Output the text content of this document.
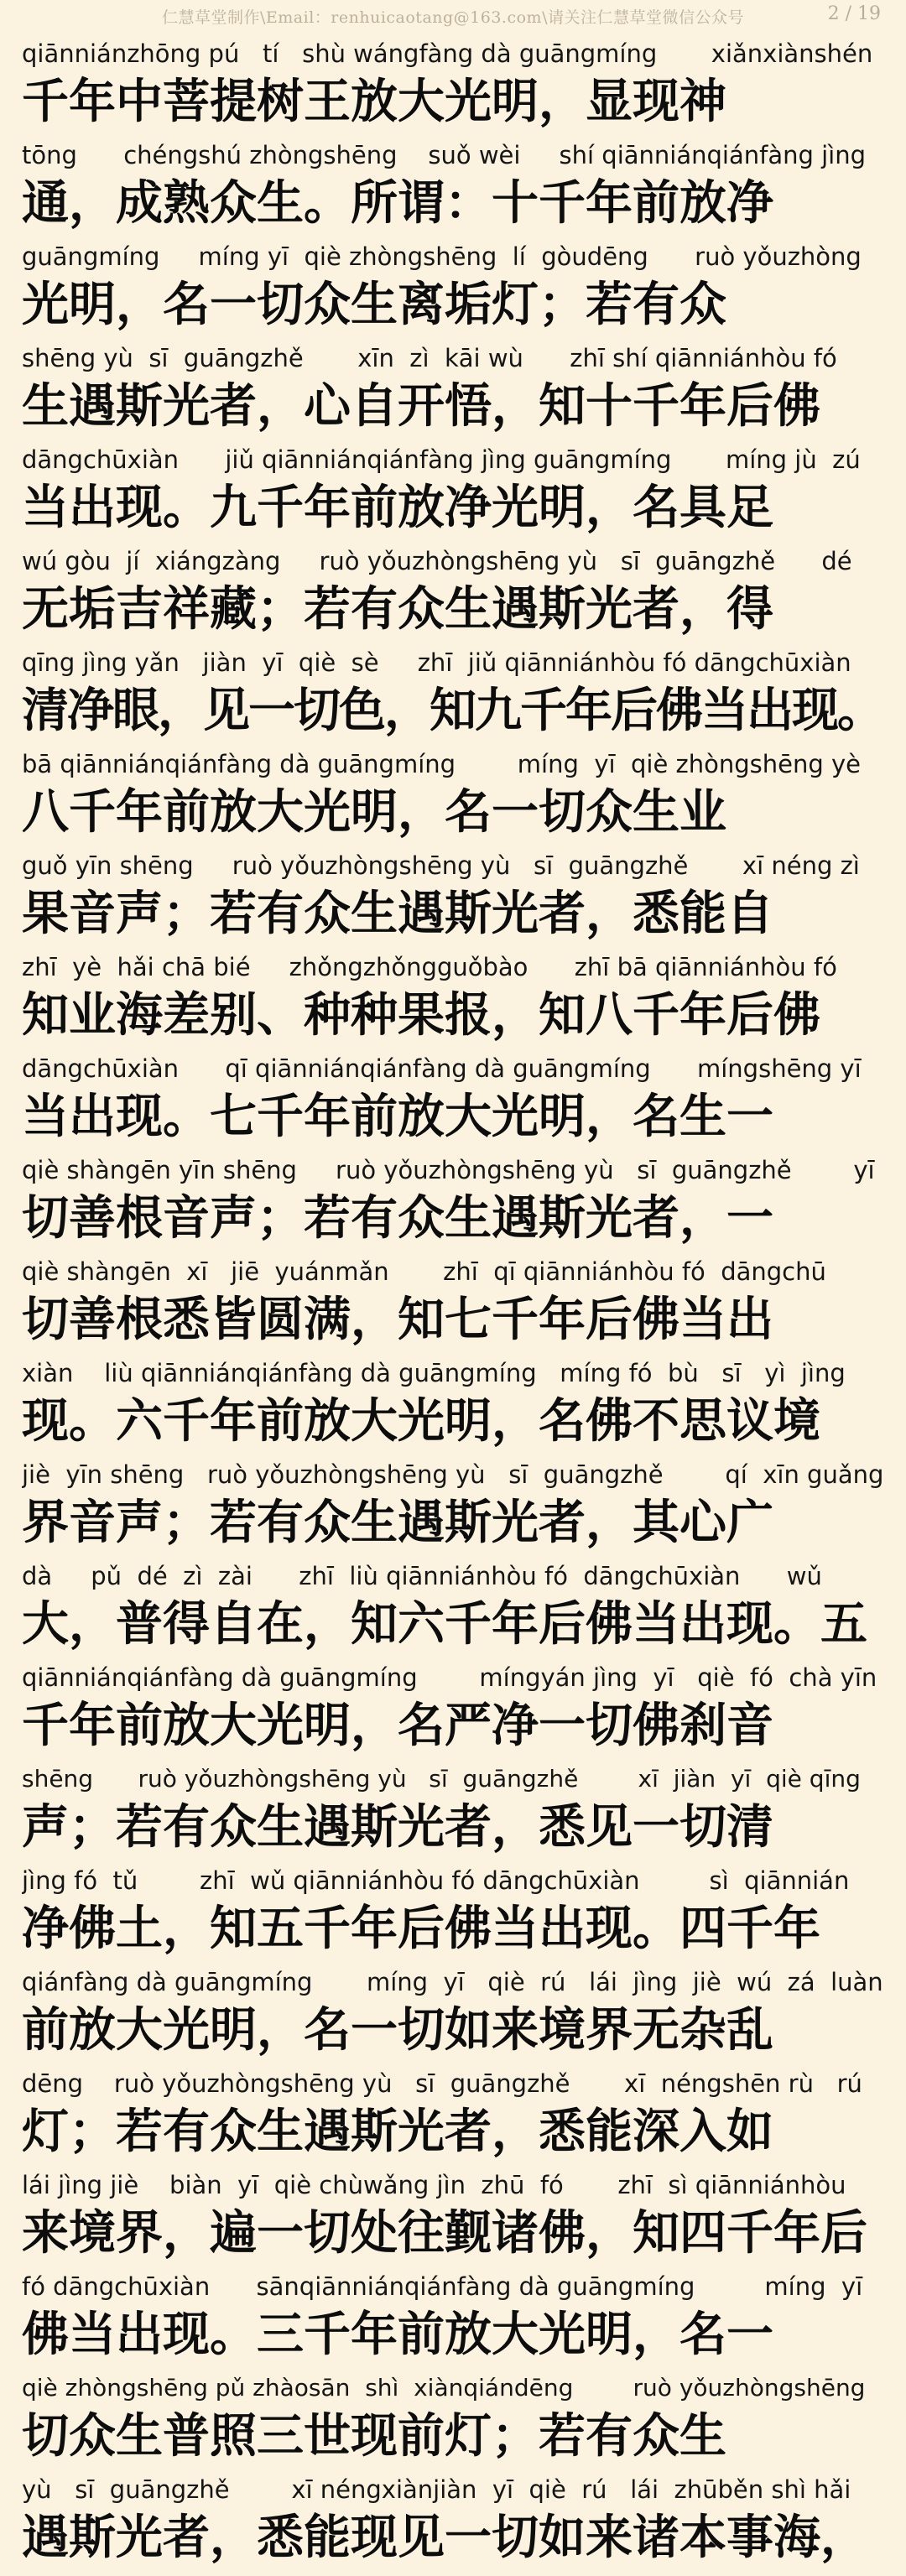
仁慧草堂制作\Email：renhuicaotang@163.com\请关注仁慧草堂微信公众号	2 / 19
qiānniánzhōng pú   tí   shù wángfàng dà guāngmíng       xiǎnxiànshén
千年中菩提树王放大光明，显现神
tōng      chéngshú zhòngshēng    suǒ wèi     shí qiānniánqiánfàng jìng
通，成熟众生。所谓：十千年前放净
guāngmíng     míng yī  qiè zhòngshēng  lí  gòudēng      ruò yǒuzhòng
光明，名一切众生离垢灯；若有众
shēng yù  sī  guāngzhě       xīn  zì  kāi wù      zhī shí qiānniánhòu fó
生遇斯光者，心自开悟，知十千年后佛
dāngchūxiàn      jiǔ qiānniánqiánfàng jìng guāngmíng       míng jù  zú
当出现。九千年前放净光明，名具足
wú gòu  jí  xiángzàng     ruò yǒuzhòngshēng yù   sī  guāngzhě      dé
无垢吉祥藏；若有众生遇斯光者，得
qīng jìng yǎn   jiàn  yī  qiè  sè     zhī  jiǔ qiānniánhòu fó dāngchūxiàn
清净眼，见一切色，知九千年后佛当出现。
bā qiānniánqiánfàng dà guāngmíng        míng  yī  qiè zhòngshēng yè
八千年前放大光明，名一切众生业
guǒ yīn shēng     ruò yǒuzhòngshēng yù   sī  guāngzhě       xī néng zì
果音声；若有众生遇斯光者，悉能自
zhī  yè  hǎi chā bié     zhǒngzhǒngguǒbào      zhī bā qiānniánhòu fó
知业海差别、种种果报，知八千年后佛
dāngchūxiàn      qī qiānniánqiánfàng dà guāngmíng      míngshēng yī
当出现。七千年前放大光明，名生一
qiè shàngēn yīn shēng     ruò yǒuzhòngshēng yù   sī  guāngzhě        yī
切善根音声；若有众生遇斯光者，一
qiè shàngēn  xī   jiē  yuánmǎn       zhī  qī qiānniánhòu fó  dāngchū
切善根悉皆圆满，知七千年后佛当出
xiàn    liù qiānniánqiánfàng dà guāngmíng   míng fó  bù   sī   yì  jìng
现。六千年前放大光明，名佛不思议境
jiè  yīn shēng   ruò yǒuzhòngshēng yù   sī  guāngzhě        qí  xīn guǎng
界音声；若有众生遇斯光者，其心广
dà     pǔ  dé  zì  zài      zhī  liù qiānniánhòu fó  dāngchūxiàn      wǔ
大，普得自在，知六千年后佛当出现。五
qiānniánqiánfàng dà guāngmíng        míngyán jìng  yī   qiè  fó  chà yīn
千年前放大光明，名严净一切佛刹音
shēng      ruò yǒuzhòngshēng yù   sī  guāngzhě        xī  jiàn  yī  qiè qīng
声；若有众生遇斯光者，悉见一切清
jìng fó  tǔ        zhī  wǔ qiānniánhòu fó dāngchūxiàn         sì  qiānnián
净佛土，知五千年后佛当出现。四千年
qiánfàng dà guāngmíng       míng  yī   qiè  rú   lái  jìng  jiè  wú  zá  luàn
前放大光明，名一切如来境界无杂乱
dēng    ruò yǒuzhòngshēng yù   sī  guāngzhě       xī  néngshēn rù   rú
灯；若有众生遇斯光者，悉能深入如
lái jìng jiè    biàn  yī  qiè chùwǎng jìn  zhū  fó       zhī  sì qiānniánhòu
来境界，遍一切处往觐诸佛，知四千年后
fó dāngchūxiàn      sānqiānniánqiánfàng dà guāngmíng         míng  yī
佛当出现。三千年前放大光明，名一
qiè zhòngshēng pǔ zhàosān  shì  xiànqiándēng        ruò yǒuzhòngshēng
切众生普照三世现前灯；若有众生
yù   sī  guāngzhě        xī néngxiànjiàn  yī  qiè  rú   lái  zhūběn shì hǎi
遇斯光者，悉能现见一切如来诸本事海，
